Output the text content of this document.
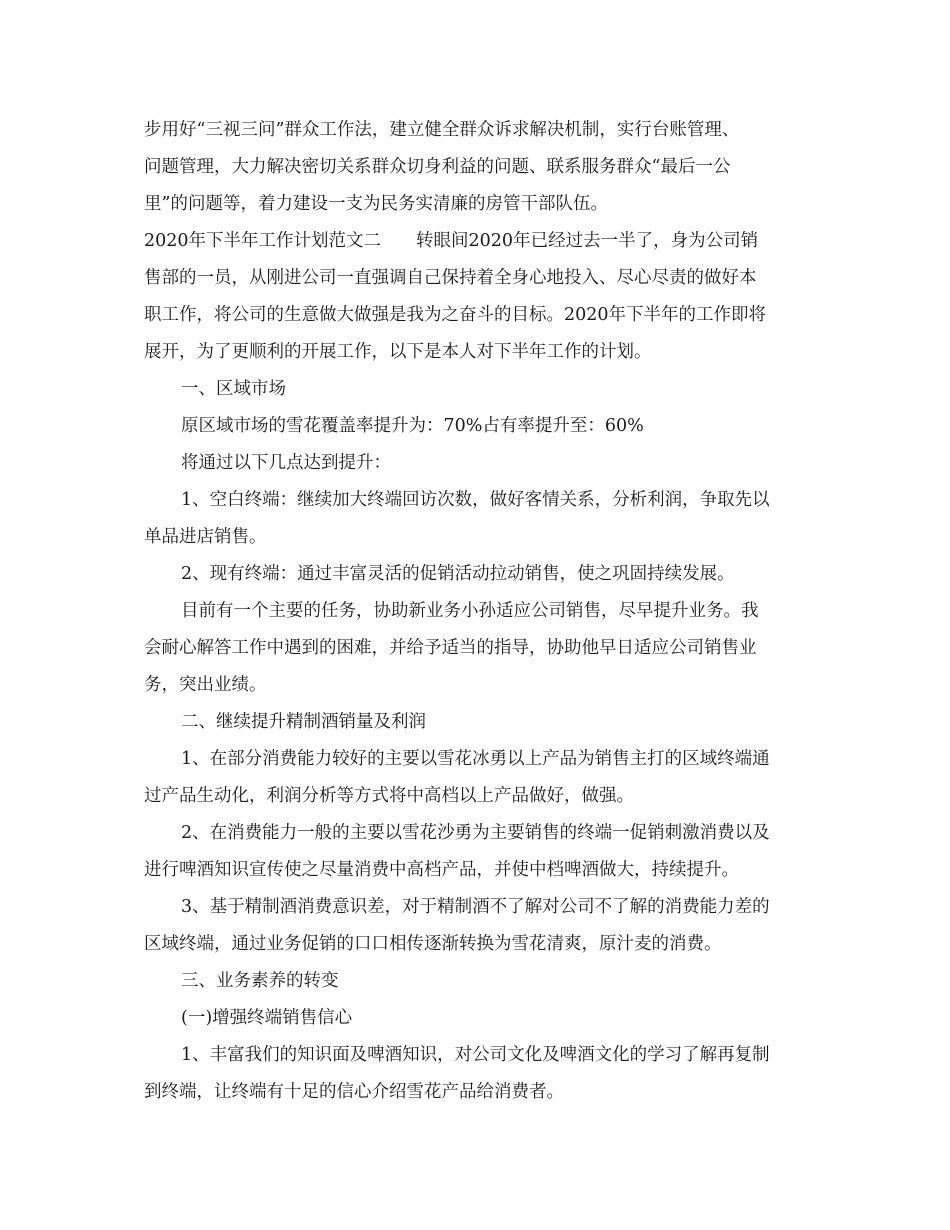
步用好“三视三问”群众工作法，建立健全群众诉求解决机制，实行台账管理、
问题管理，大力解决密切关系群众切身利益的问题、联系服务群众“最后一公
里”的问题等，着力建设一支为民务实清廉的房管干部队伍。
2020年下半年工作计划范文二　　转眼间2020年已经过去一半了，身为公司销
售部的一员，从刚进公司一直强调自己保持着全身心地投入、尽心尽责的做好本
职工作，将公司的生意做大做强是我为之奋斗的目标。2020年下半年的工作即将
展开，为了更顺利的开展工作，以下是本人对下半年工作的计划。
一、区域市场
原区域市场的雪花覆盖率提升为：70%占有率提升至：60%
将通过以下几点达到提升：
1、空白终端：继续加大终端回访次数，做好客情关系，分析利润，争取先以
单品进店销售。
2、现有终端：通过丰富灵活的促销活动拉动销售，使之巩固持续发展。
目前有一个主要的任务，协助新业务小孙适应公司销售，尽早提升业务。我
会耐心解答工作中遇到的困难，并给予适当的指导，协助他早日适应公司销售业
务，突出业绩。
二、继续提升精制酒销量及利润
1、在部分消费能力较好的主要以雪花冰勇以上产品为销售主打的区域终端通
过产品生动化，利润分析等方式将中高档以上产品做好，做强。
2、在消费能力一般的主要以雪花沙勇为主要销售的终端一促销刺激消费以及
进行啤酒知识宣传使之尽量消费中高档产品，并使中档啤酒做大，持续提升。
3、基于精制酒消费意识差，对于精制酒不了解对公司不了解的消费能力差的
区域终端，通过业务促销的口口相传逐渐转换为雪花清爽，原汁麦的消费。
三、业务素养的转变
(一)增强终端销售信心
1、丰富我们的知识面及啤酒知识，对公司文化及啤酒文化的学习了解再复制
到终端，让终端有十足的信心介绍雪花产品给消费者。
